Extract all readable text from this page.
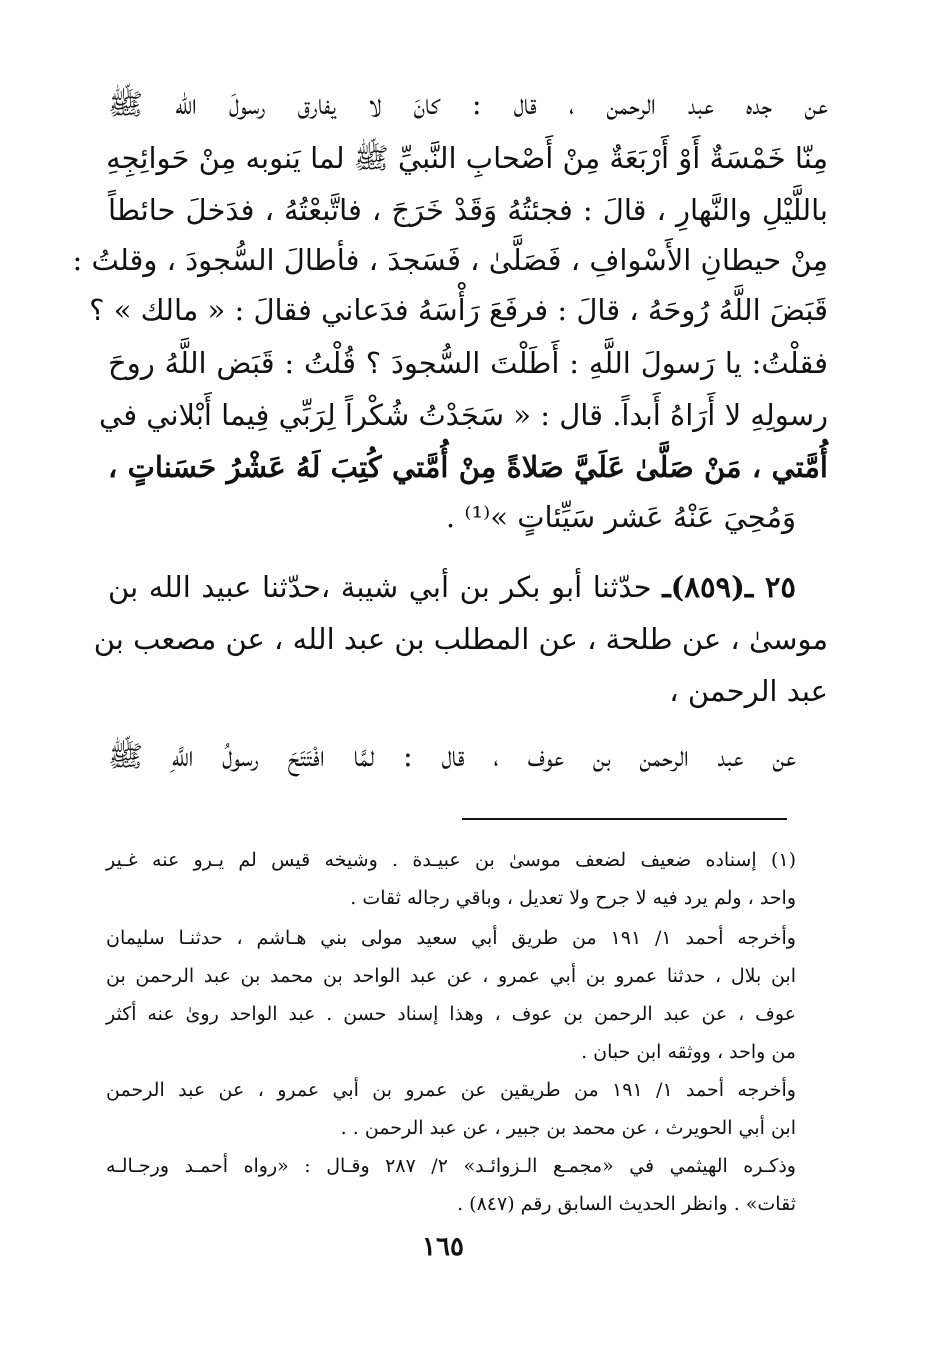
عن جده عبد الرحمن ، قال : كانَ لا يفارق رسولَ اللّه ﷺ
مِنّا خَمْسَةٌ أَوْ أَرْبَعَةٌ مِنْ أَصْحابِ النَّبيِّ ﷺ لما يَنوبه مِنْ حَوائِجِهِ
باللَّيْلِ والنَّهارِ ، قالَ : فجئتُهُ وَقَدْ خَرَجَ ، فاتَّبعْتُهُ ، فدَخلَ حائطاً
مِنْ حيطانِ الأَسْوافِ ، فَصَلَّىٰ ، فَسَجدَ ، فأطالَ السُّجودَ ، وقلتُ :
قَبَضَ اللَّهُ رُوحَهُ ، قالَ : فرفَعَ رَأْسَهُ فدَعاني فقالَ : « مالك » ؟
فقلْتُ: يا رَسولَ اللَّهِ : أَطَلْتَ السُّجودَ ؟ قُلْتُ : قَبَض اللَّهُ روحَ
رسولِهِ لا أَرَاهُ أَبداً. قال : « سَجَدْتُ شُكْراً لِرَبِّي فِيما أَبْلاني في
أُمَّتي ، مَنْ صَلَّىٰ عَلَيَّ صَلاةً مِنْ أُمَّتي كُتِبَ لَهُ عَشْرُ حَسَناتٍ ،
وَمُحِيَ عَنْهُ عَشر سَيِّئاتٍ »⁽¹⁾ .
٢٥ ـ(٨٥٩)ـ حدّثنا أبو بكر بن أبي شيبة ،حدّثنا عبيد الله بن
موسىٰ ، عن طلحة ، عن المطلب بن عبد الله ، عن مصعب بن
عبد الرحمن ،
عن عبد الرحمن بن عوف ، قال : لمَّا افْتَتَحَ رسولُ اللَّهِ ﷺ
(١) إسناده ضعيف لضعف موسىٰ بن عبيـدة . وشيخه قيس لم يـرو عنه غـير
واحد ، ولم يرد فيه لا جرح ولا تعديل ، وباقي رجاله ثقات .
وأخرجه أحمد ١/ ١٩١ من طريق أبي سعيد مولى بني هـاشم ، حدثنـا سليمان
ابن بلال ، حدثنا عمرو بن أبي عمرو ، عن عبد الواحد بن محمد بن عبد الرحمن بن
عوف ، عن عبد الرحمن بن عوف ، وهذا إسناد حسن . عبد الواحد روىٰ عنه أكثر
من واحد ، ووثقه ابن حبان .
وأخرجه أحمد ١/ ١٩١ من طريقين عن عمرو بن أبي عمرو ، عن عبد الرحمن
ابن أبي الحويرث ، عن محمد بن جبير ، عن عبد الرحمن . .
وذكـره الهيثمي في «مجمـع الـزوائـد» ٢/ ٢٨٧ وقـال : «رواه أحمـد ورجـالـه
ثقات» . وانظر الحديث السابق رقم (٨٤٧) .
١٦٥
